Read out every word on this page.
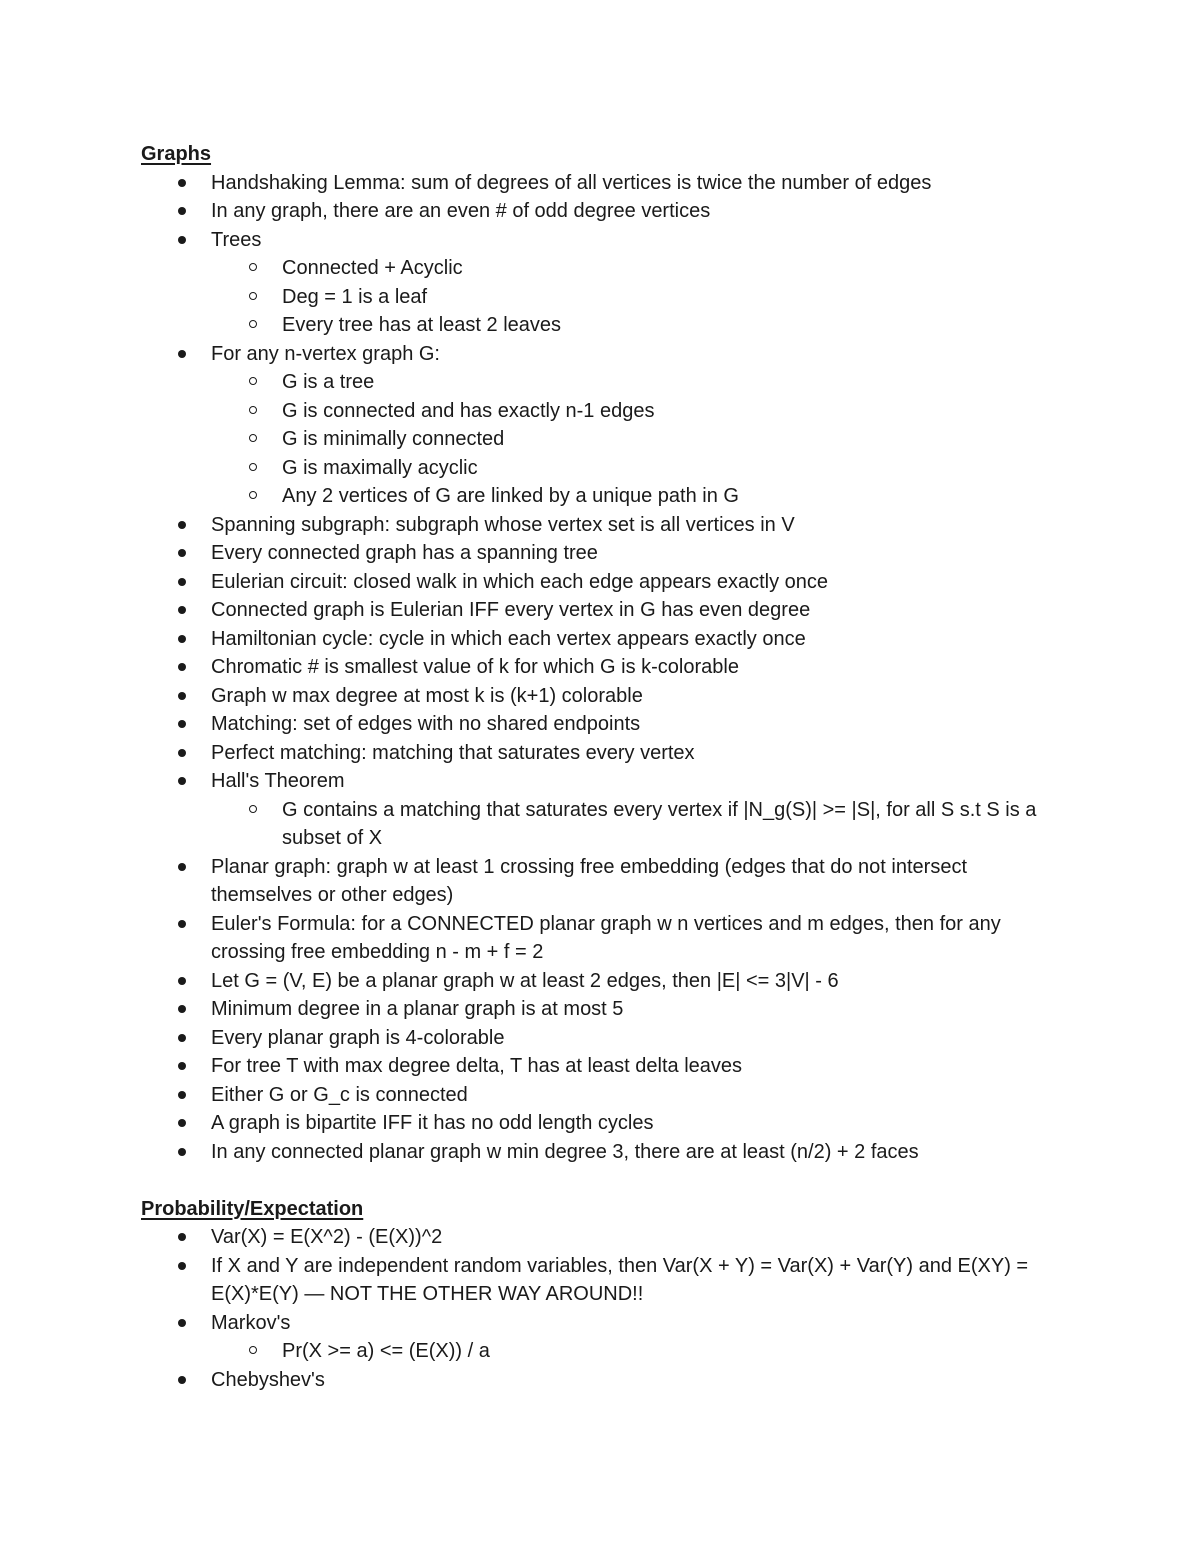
Graphs
Handshaking Lemma: sum of degrees of all vertices is twice the number of edges
In any graph, there are an even # of odd degree vertices
Trees
Connected + Acyclic
Deg = 1 is a leaf
Every tree has at least 2 leaves
For any n-vertex graph G:
G is a tree
G is connected and has exactly n-1 edges
G is minimally connected
G is maximally acyclic
Any 2 vertices of G are linked by a unique path in G
Spanning subgraph: subgraph whose vertex set is all vertices in V
Every connected graph has a spanning tree
Eulerian circuit: closed walk in which each edge appears exactly once
Connected graph is Eulerian IFF every vertex in G has even degree
Hamiltonian cycle: cycle in which each vertex appears exactly once
Chromatic # is smallest value of k for which G is k-colorable
Graph w max degree at most k is (k+1) colorable
Matching: set of edges with no shared endpoints
Perfect matching: matching that saturates every vertex
Hall's Theorem
G contains a matching that saturates every vertex if |N_g(S)| >= |S|, for all S s.t S is a subset of X
Planar graph: graph w at least 1 crossing free embedding (edges that do not intersect themselves or other edges)
Euler's Formula: for a CONNECTED planar graph w n vertices and m edges, then for any crossing free embedding n - m + f = 2
Let G = (V, E) be a planar graph w at least 2 edges, then |E| <= 3|V| - 6
Minimum degree in a planar graph is at most 5
Every planar graph is 4-colorable
For tree T with max degree delta, T has at least delta leaves
Either G or G_c is connected
A graph is bipartite IFF it has no odd length cycles
In any connected planar graph w min degree 3, there are at least (n/2) + 2 faces
Probability/Expectation
Var(X) = E(X^2) - (E(X))^2
If X and Y are independent random variables, then Var(X + Y) = Var(X) + Var(Y) and E(XY) = E(X)*E(Y) — NOT THE OTHER WAY AROUND!!
Markov's
Pr(X >= a) <= (E(X)) / a
Chebyshev's
